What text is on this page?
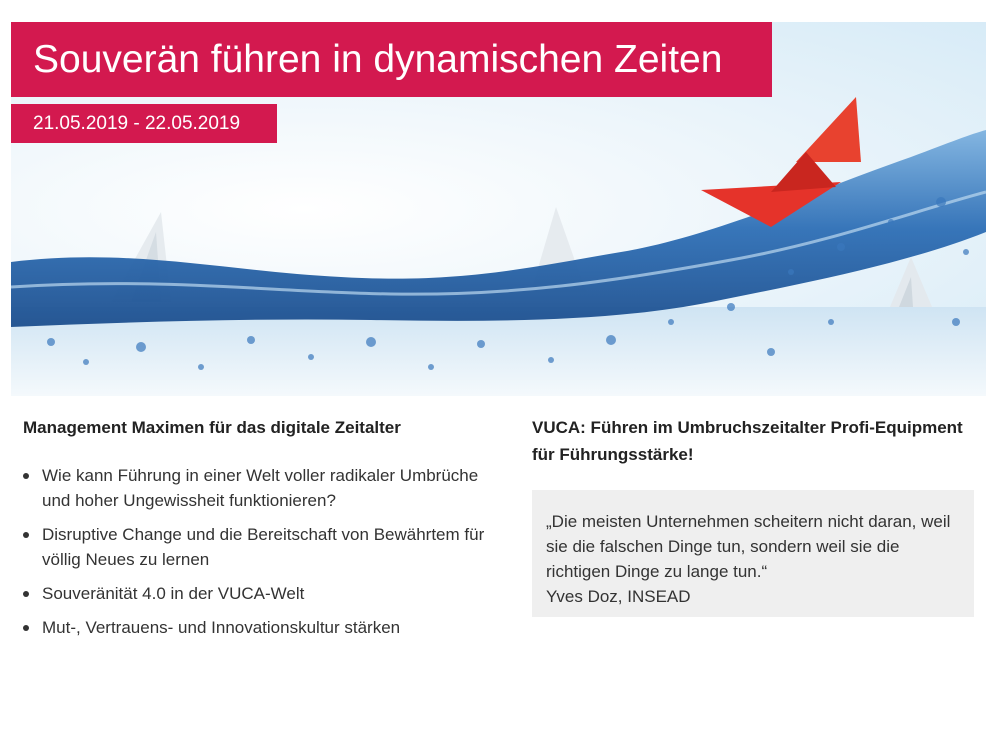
Souverän führen in dynamischen Zeiten
21.05.2019 - 22.05.2019
Management Maximen für das digitale Zeitalter
Wie kann Führung in einer Welt voller radikaler Umbrüche und hoher Ungewissheit funktionieren?
Disruptive Change und die Bereitschaft von Bewährtem für völlig Neues zu lernen
Souveränität 4.0 in der VUCA-Welt
Mut-, Vertrauens- und Innovationskultur stärken
VUCA: Führen im Umbruchszeitalter Profi-Equipment für Führungsstärke!
„Die meisten Unternehmen scheitern nicht daran, weil sie die falschen Dinge tun, sondern weil sie die richtigen Dinge zu lange tun.“
Yves Doz, INSEAD
